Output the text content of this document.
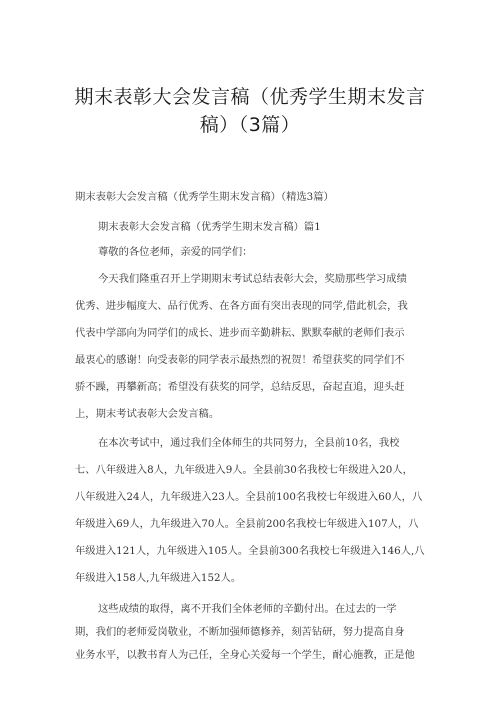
期末表彰大会发言稿（优秀学生期末发言
稿）（3篇）
期末表彰大会发言稿（优秀学生期末发言稿）（精选3篇）
期末表彰大会发言稿（优秀学生期末发言稿）篇1
尊敬的各位老师，亲爱的同学们：
今天我们隆重召开上学期期末考试总结表彰大会，奖励那些学习成绩
优秀、进步幅度大、品行优秀、在各方面有突出表现的同学,借此机会，我
代表中学部向为同学们的成长、进步而辛勤耕耘、默默奉献的老师们表示
最衷心的感谢！向受表彰的同学表示最热烈的祝贺！希望获奖的同学们不
骄不躁，再攀新高；希望没有获奖的同学，总结反思，奋起直追，迎头赶
上，期末考试表彰大会发言稿。
在本次考试中，通过我们全体师生的共同努力，全县前10名，我校
七、八年级进入8人，九年级进入9人。全县前30名我校七年级进入20人，
八年级进入24人，九年级进入23人。全县前100名我校七年级进入60人，八
年级进入69人，九年级进入70人。全县前200名我校七年级进入107人，八
年级进入121人，九年级进入105人。全县前300名我校七年级进入146人,八
年级进入158人,九年级进入152人。
这些成绩的取得，离不开我们全体老师的辛勤付出。在过去的一学
期，我们的老师爱岗敬业，不断加强师德修养，刻苦钻研，努力提高自身
业务水平，以教书育人为己任，全身心关爱每一个学生，耐心施教，正是他
